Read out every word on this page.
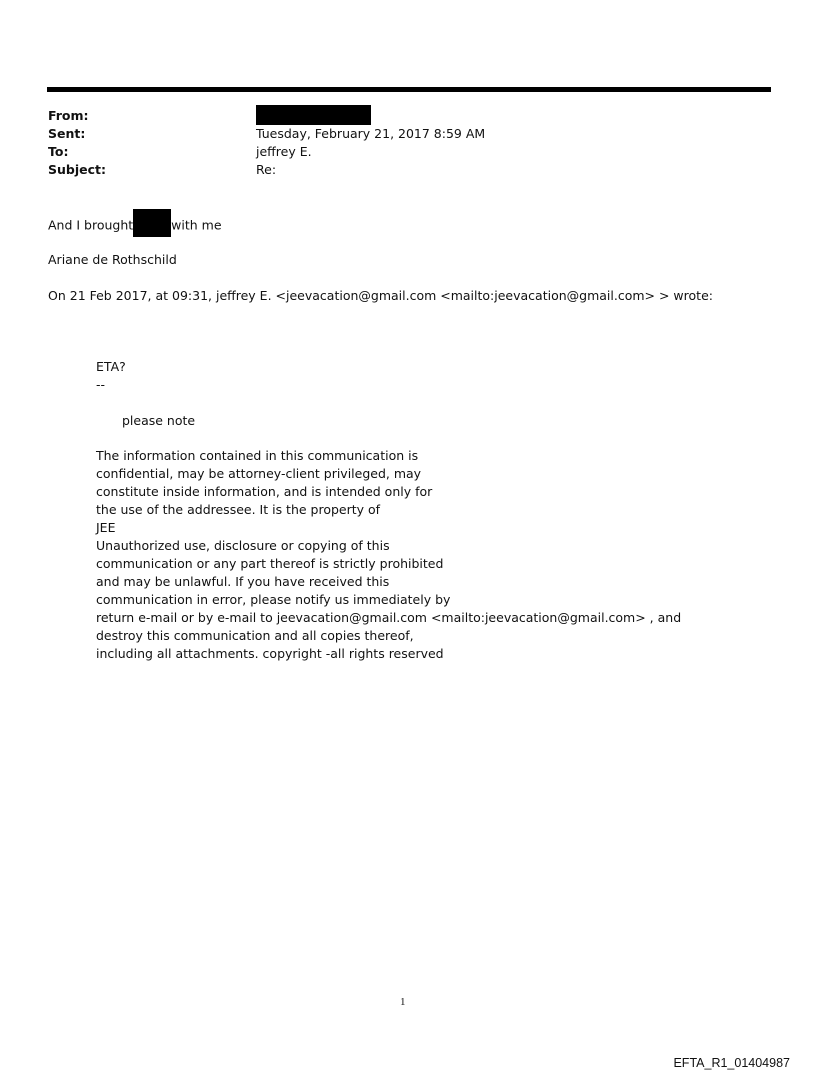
From:
Sent:	Tuesday, February 21, 2017 8:59 AM
To:	jeffrey E.
Subject:	Re:
And I brought	with me
Ariane de Rothschild
On 21 Feb 2017, at 09:31, jeffrey E. <jeevacation@gmail.com <mailto:jeevacation@gmail.com> > wrote:
ETA?
--
please note
The information contained in this communication is
confidential, may be attorney-client privileged, may
constitute inside information, and is intended only for
the use of the addressee. It is the property of
JEE
Unauthorized use, disclosure or copying of this
communication or any part thereof is strictly prohibited
and may be unlawful. If you have received this
communication in error, please notify us immediately by
return e-mail or by e-mail to jeevacation@gmail.com <mailto:jeevacation@gmail.com> , and
destroy this communication and all copies thereof,
including all attachments. copyright -all rights reserved
1
EFTA_R1_01404987
